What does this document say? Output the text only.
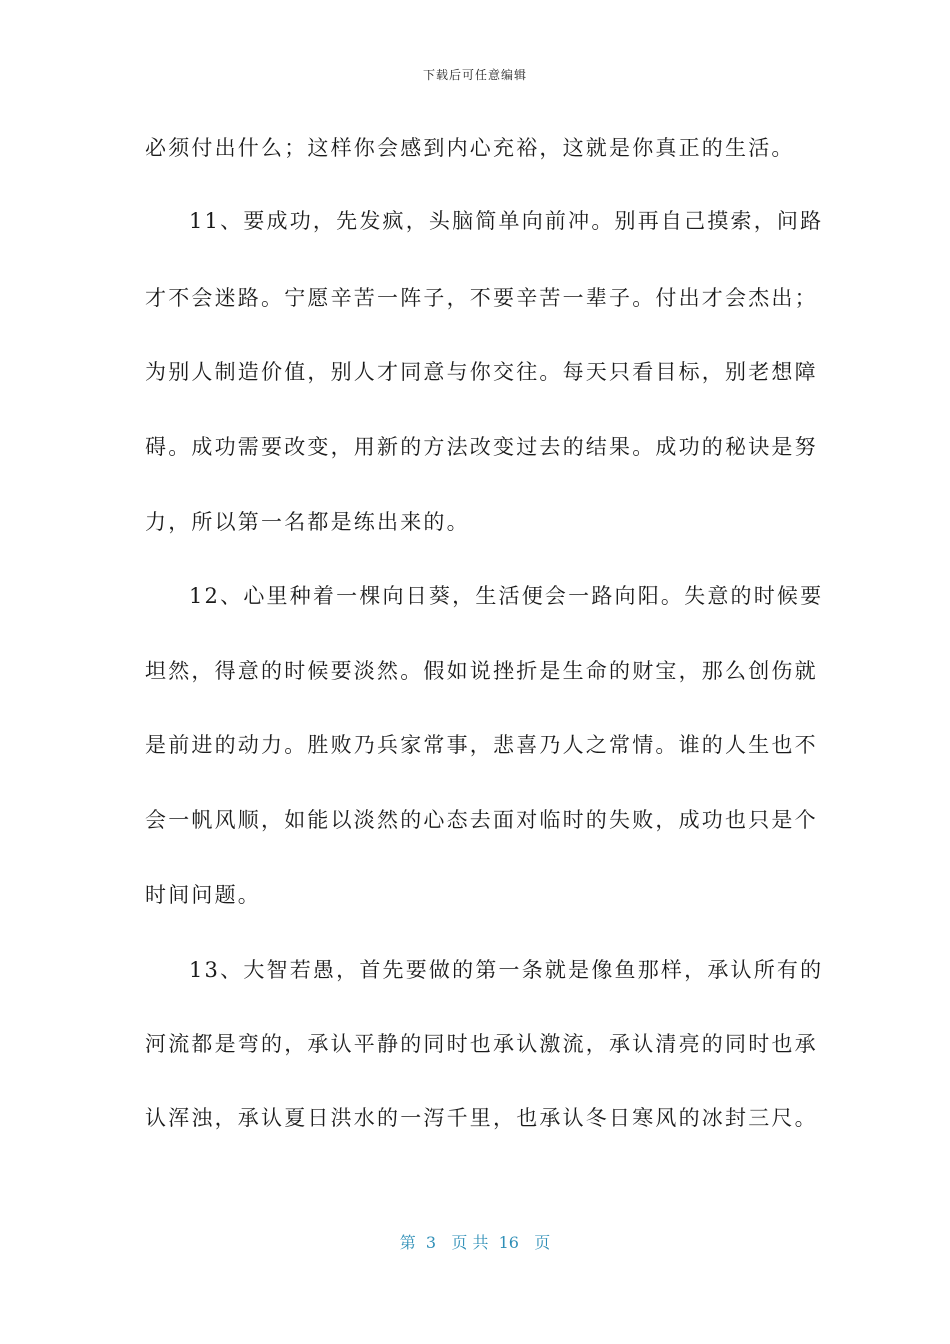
下载后可任意编辑
必须付出什么；这样你会感到内心充裕，这就是你真正的生活。
11、要成功，先发疯，头脑简单向前冲。别再自己摸索，问路
才不会迷路。宁愿辛苦一阵子，不要辛苦一辈子。付出才会杰出；
为别人制造价值，别人才同意与你交往。每天只看目标，别老想障
碍。成功需要改变，用新的方法改变过去的结果。成功的秘诀是努
力，所以第一名都是练出来的。
12、心里种着一棵向日葵，生活便会一路向阳。失意的时候要
坦然，得意的时候要淡然。假如说挫折是生命的财宝，那么创伤就
是前进的动力。胜败乃兵家常事，悲喜乃人之常情。谁的人生也不
会一帆风顺，如能以淡然的心态去面对临时的失败，成功也只是个
时间问题。
13、大智若愚，首先要做的第一条就是像鱼那样，承认所有的
河流都是弯的，承认平静的同时也承认激流，承认清亮的同时也承
认浑浊，承认夏日洪水的一泻千里，也承认冬日寒风的冰封三尺。
第  3   页 共  16   页
